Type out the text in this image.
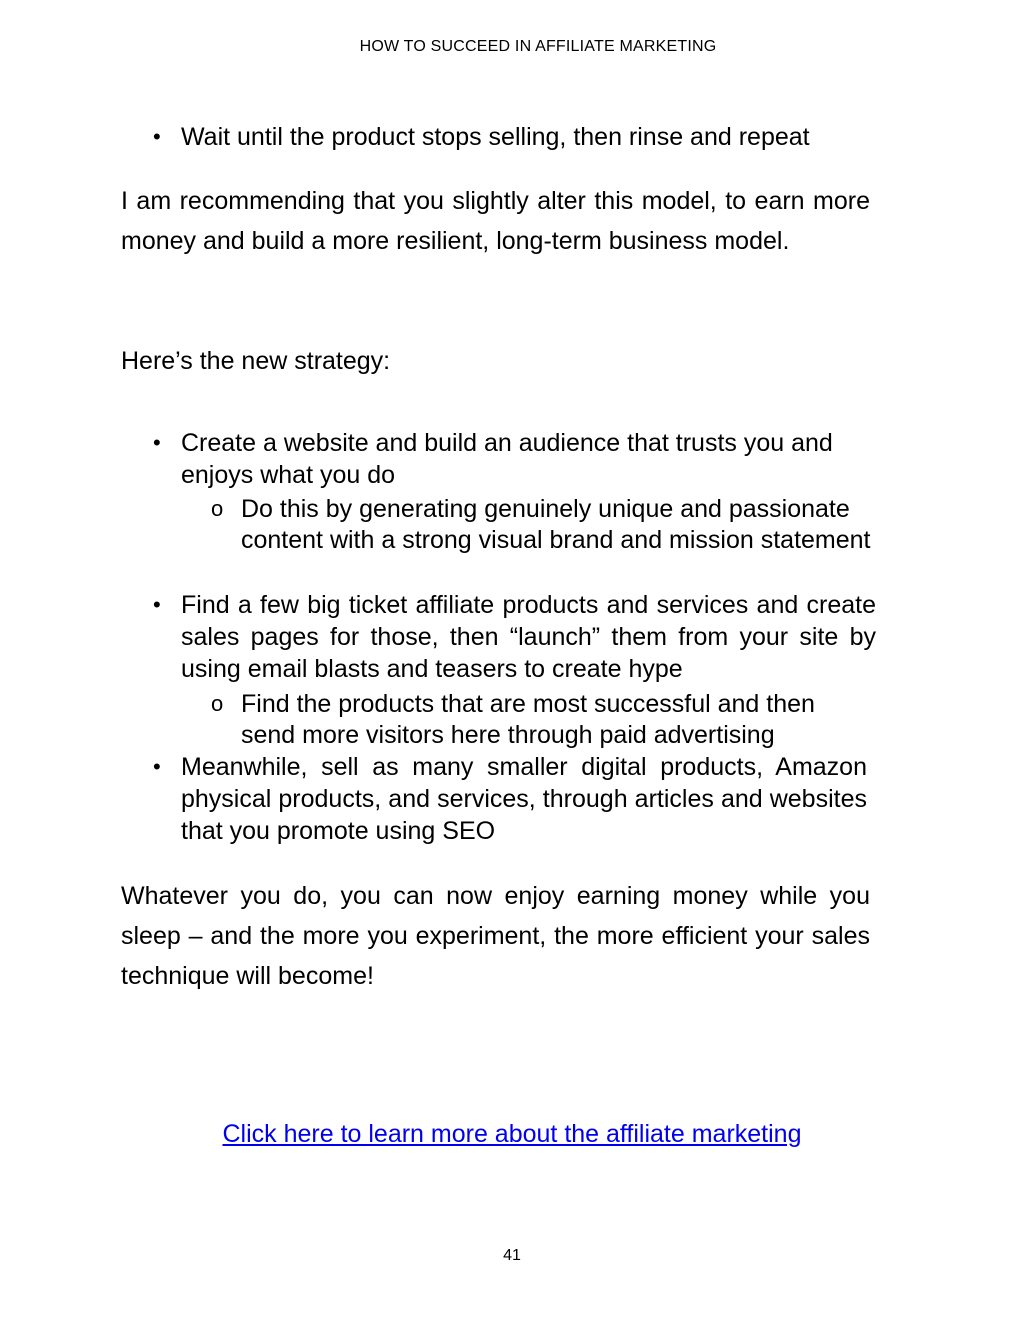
HOW TO SUCCEED IN AFFILIATE MARKETING
• Wait until the product stops selling, then rinse and repeat

I am recommending that you slightly alter this model, to earn more money and build a more resilient, long-term business model.

Here’s the new strategy:

• Create a website and build an audience that trusts you and enjoys what you do
o Do this by generating genuinely unique and passionate content with a strong visual brand and mission statement
• Find a few big ticket affiliate products and services and create sales pages for those, then “launch” them from your site by using email blasts and teasers to create hype
o Find the products that are most successful and then send more visitors here through paid advertising
• Meanwhile, sell as many smaller digital products, Amazon physical products, and services, through articles and websites that you promote using SEO

Whatever you do, you can now enjoy earning money while you sleep – and the more you experiment, the more efficient your sales technique will become!

Click here to learn more about the affiliate marketing
41
